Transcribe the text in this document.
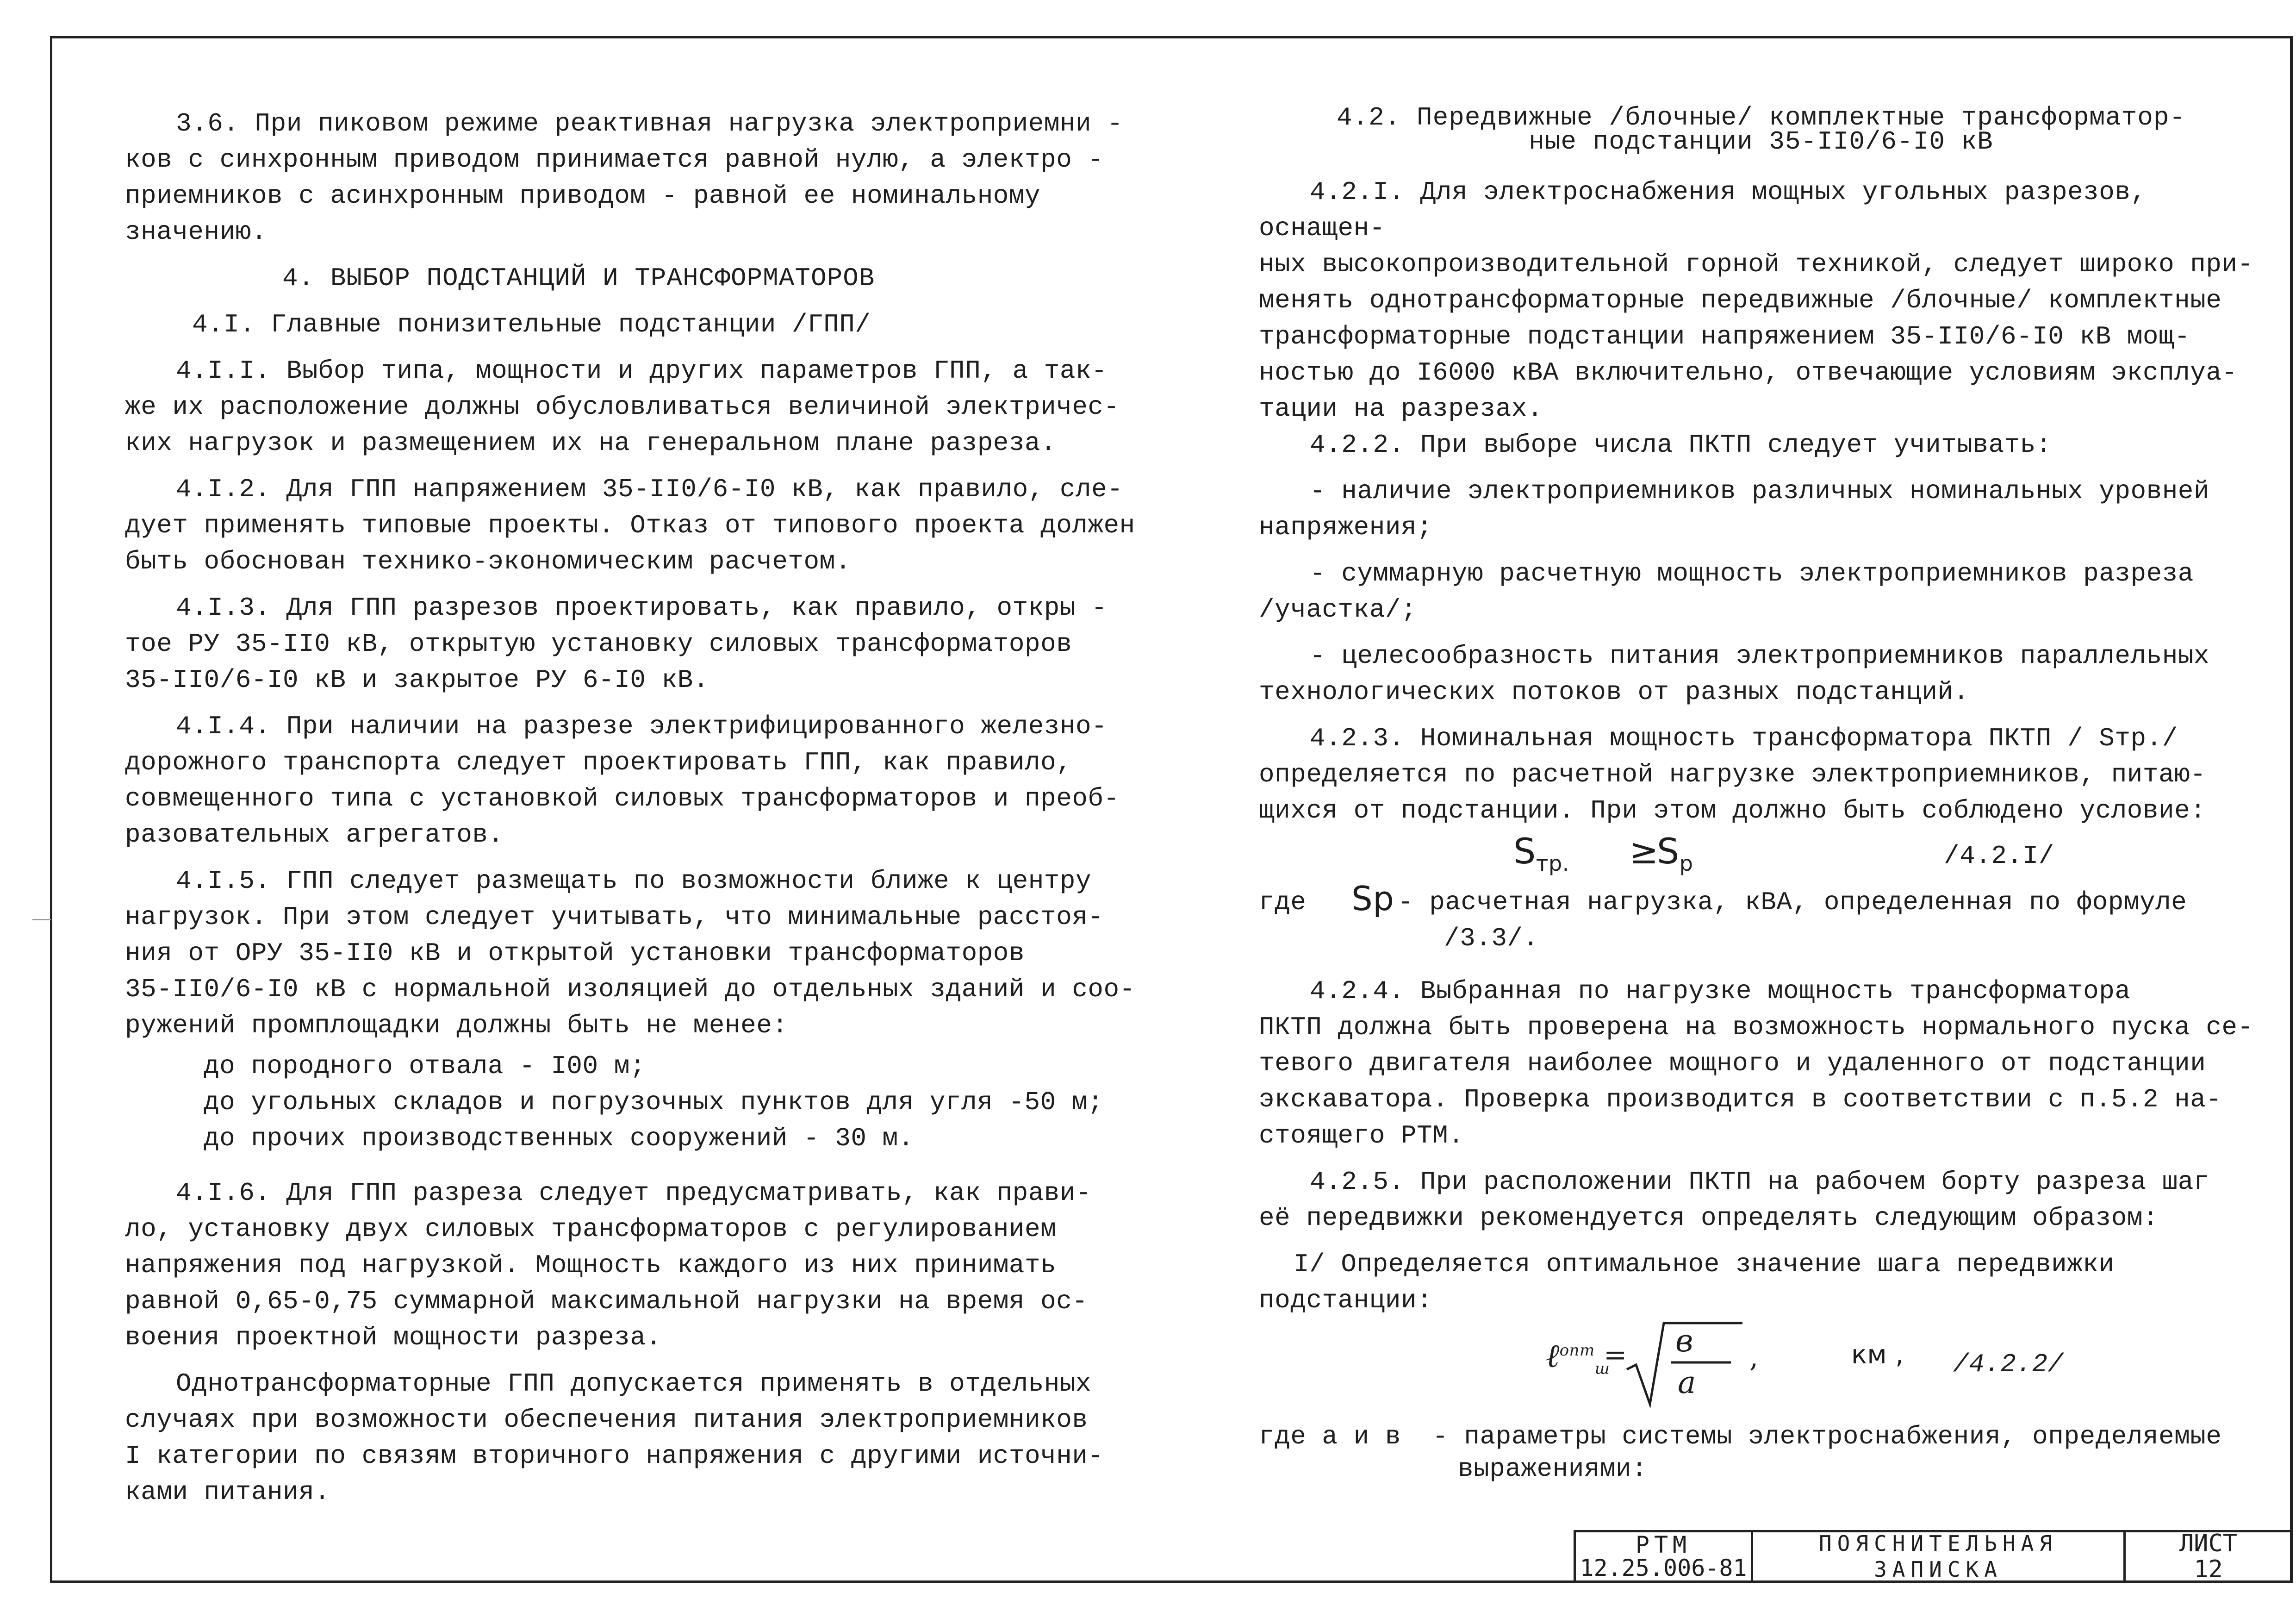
3.6. При пиковом режиме реактивная нагрузка электроприемни -

ков с синхронным приводом принимается равной нулю, а электро -

приемников с асинхронным приводом - равной ее номинальному значению.

4. ВЫБОР ПОДСТАНЦИЙ И ТРАНСФОРМАТОРОВ

4.I. Главные понизительные подстанции /ГПП/

4.I.I. Выбор типа, мощности и других параметров ГПП, а так-

же их расположение должны обусловливаться величиной электричес-

ких нагрузок и размещением их на генеральном плане разреза.

4.I.2. Для ГПП напряжением 35-II0/6-I0 кВ, как правило, сле-

дует применять типовые проекты. Отказ от типового проекта должен

быть обоснован технико-экономическим расчетом.

4.I.3. Для ГПП разрезов проектировать, как правило, откры -

тое РУ 35-II0 кВ, открытую установку силовых трансформаторов

35-II0/6-I0 кВ и закрытое РУ 6-I0 кВ.

4.I.4. При наличии на разрезе электрифицированного железно-

дорожного транспорта следует проектировать ГПП, как правило,

совмещенного типа с установкой силовых трансформаторов и преоб-

разовательных агрегатов.

4.I.5. ГПП следует размещать по возможности ближе к центру

нагрузок. При этом следует учитывать, что минимальные расстоя-

ния от ОРУ 35-II0 кВ и открытой установки трансформаторов

35-II0/6-I0 кВ с нормальной изоляцией до отдельных зданий и соо-

ружений промплощадки должны быть не менее:

до породного отвала - I00 м;

до угольных складов и погрузочных пунктов для угля -50 м;

до прочих производственных сооружений - 30 м.

4.I.6. Для ГПП разреза следует предусматривать, как прави-

ло, установку двух силовых трансформаторов с регулированием

напряжения под нагрузкой. Мощность каждого из них принимать

равной 0,65-0,75 суммарной максимальной нагрузки на время ос-

воения проектной мощности разреза.

Однотрансформаторные ГПП допускается применять в отдельных

случаях при возможности обеспечения питания электроприемников

I категории по связям вторичного напряжения с другими источни-

ками питания.

4.2. Передвижные /блочные/ комплектные трансформатор-

ные подстанции 35-II0/6-I0 кВ

4.2.I. Для электроснабжения мощных угольных разрезов, оснащен-

ных высокопроизводительной горной техникой, следует широко при-

менять однотрансформаторные передвижные /блочные/ комплектные

трансформаторные подстанции напряжением 35-II0/6-I0 кВ мощ-

ностью до I6000 кВА включительно, отвечающие условиям эксплуа-

тации на разрезах.

4.2.2. При выборе числа ПКТП следует учитывать:

- наличие электроприемников различных номинальных уровней

напряжения;

- суммарную расчетную мощность электроприемников разреза

/участка/;

- целесообразность питания электроприемников параллельных

технологических потоков от разных подстанций.

4.2.3. Номинальная мощность трансформатора ПКТП / Sтр./

определяется по расчетной нагрузке электроприемников, питаю-

щихся от подстанции. При этом должно быть соблюдено условие:

$S_{тр.}$ ≥
$S_р$	/4.2.I/
где Sр - расчетная нагрузка, кВА, определенная по формуле

/3.3/.

4.2.4. Выбранная по нагрузке мощность трансформатора

ПКТП должна быть проверена на возможность нормального пуска се-

тевого двигателя наиболее мощного и удаленного от подстанции

экскаватора. Проверка производится в соответствии с п.5.2 на-

стоящего РТМ.

4.2.5. При расположении ПКТП на рабочем борту разреза шаг

её передвижки рекомендуется определять следующим образом:

I/ Определяется оптимальное значение шага передвижки

подстанции:

ℓ$^{опт}_ш$
= в
а
,	км , /4.2.2/

где а и в  - параметры системы электроснабжения, определяемые

выражениями:

РТМ
12.25.006-81
ПОЯСНИТЕЛЬНАЯ
ЗАПИСКА
ЛИСТ
12
